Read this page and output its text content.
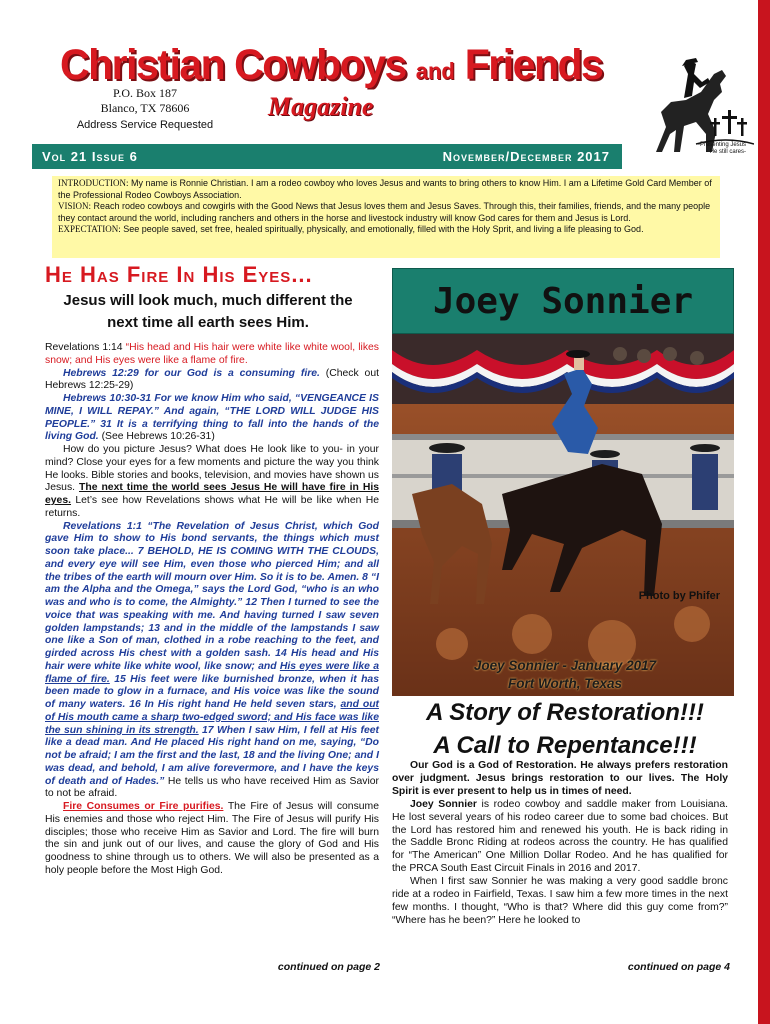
Christian Cowboys and Friends
P.O. Box 187
Blanco, TX 78606
Address Service Requested
Magazine
-Presenting Jesus
- He still cares-
Vol 21 Issue 6	November/December 2017
INTRODUCTION: My name is Ronnie Christian. I am a rodeo cowboy who loves Jesus and wants to bring others to know Him. I am a Lifetime Gold Card Member of the Professional Rodeo Cowboys Association.
VISION: Reach rodeo cowboys and cowgirls with the Good News that Jesus loves them and Jesus Saves. Through this, their families, friends, and the many people they contact around the world, including ranchers and others in the horse and livestock industry will know God cares for them and Jesus is Lord.
EXPECTATION: See people saved, set free, healed spiritually, physically, and emotionally, filled with the Holy Sprit, and living a life pleasing to God.
He Has Fire In His Eyes...
Jesus will look much, much different the next time all earth sees Him.

Revelations 1:14 “His head and His hair were white like white wool, likes snow; and His eyes were like a flame of fire.

Hebrews 12:29 for our God is a consuming fire. (Check out Hebrews 12:25-29)

Hebrews 10:30-31 For we know Him who said, “VENGEANCE IS MINE, I WILL REPAY.” And again, “THE LORD WILL JUDGE HIS PEOPLE.” 31 It is a terrifying thing to fall into the hands of the living God. (See Hebrews 10:26-31)

How do you picture Jesus? What does He look like to you- in your mind? Close your eyes for a few moments and picture the way you think He looks. Bible stories and books, television, and movies have shown us Jesus. The next time the world sees Jesus He will have fire in His eyes. Let’s see how Revelations shows what He will be like when He returns.

Revelations 1:1 “The Revelation of Jesus Christ, which God gave Him to show to His bond servants, the things which must soon take place... 7 BEHOLD, HE IS COMING WITH THE CLOUDS, and every eye will see Him, even those who pierced Him; and all the tribes of the earth will mourn over Him. So it is to be. Amen. 8 “I am the Alpha and the Omega,” says the Lord God, “who is an who was and who is to come, the Almighty.” 12 Then I turned to see the voice that was speaking with me. And having turned I saw seven golden lampstands; 13 and in the middle of the lampstands I saw one like a Son of man, clothed in a robe reaching to the feet, and girded across His chest with a golden sash. 14 His head and His hair were white like white wool, like snow; and His eyes were like a flame of fire. 15 His feet were like burnished bronze, when it has been made to glow in a furnace, and His voice was like the sound of many waters. 16 In His right hand He held seven stars, and out of His mouth came a sharp two-edged sword; and His face was like the sun shining in its strength. 17 When I saw Him, I fell at His feet like a dead man. And He placed His right hand on me, saying, “Do not be afraid; I am the first and the last, 18 and the living One; and I was dead, and behold, I am alive forevermore, and I have the keys of death and of Hades.” He tells us who have received Him as Savior to not be afraid.

Fire Consumes or Fire purifies. The Fire of Jesus will consume His enemies and those who reject Him. The Fire of Jesus will purify His disciples; those who receive Him as Savior and Lord. The fire will burn the sin and junk out of our lives, and cause the glory of God and His goodness to shine through us to others. We will also be presented as a holy people before the Most High God.

continued on page 2
Joey Sonnier
Photo by Phifer
Joey Sonnier - January 2017
Fort Worth, Texas
A Story of Restoration!!!
A Call to Repentance!!!

Our God is a God of Restoration. He always prefers restoration over judgment. Jesus brings restoration to our lives. The Holy Spirit is ever present to help us in times of need.

Joey Sonnier is rodeo cowboy and saddle maker from Louisiana. He lost several years of his rodeo career due to some bad choices. But the Lord has restored him and renewed his youth. He is back riding in the Saddle Bronc Riding at rodeos across the country. He has qualified for “The American” One Million Dollar Rodeo. And he has qualified for the PRCA South East Circuit Finals in 2016 and 2017.

When I first saw Sonnier he was making a very good saddle bronc ride at a rodeo in Fairfield, Texas. I saw him a few more times in the next few months. I thought, “Who is that? Where did this guy come from?” “Where has he been?” Here he looked to

continued on page 4
